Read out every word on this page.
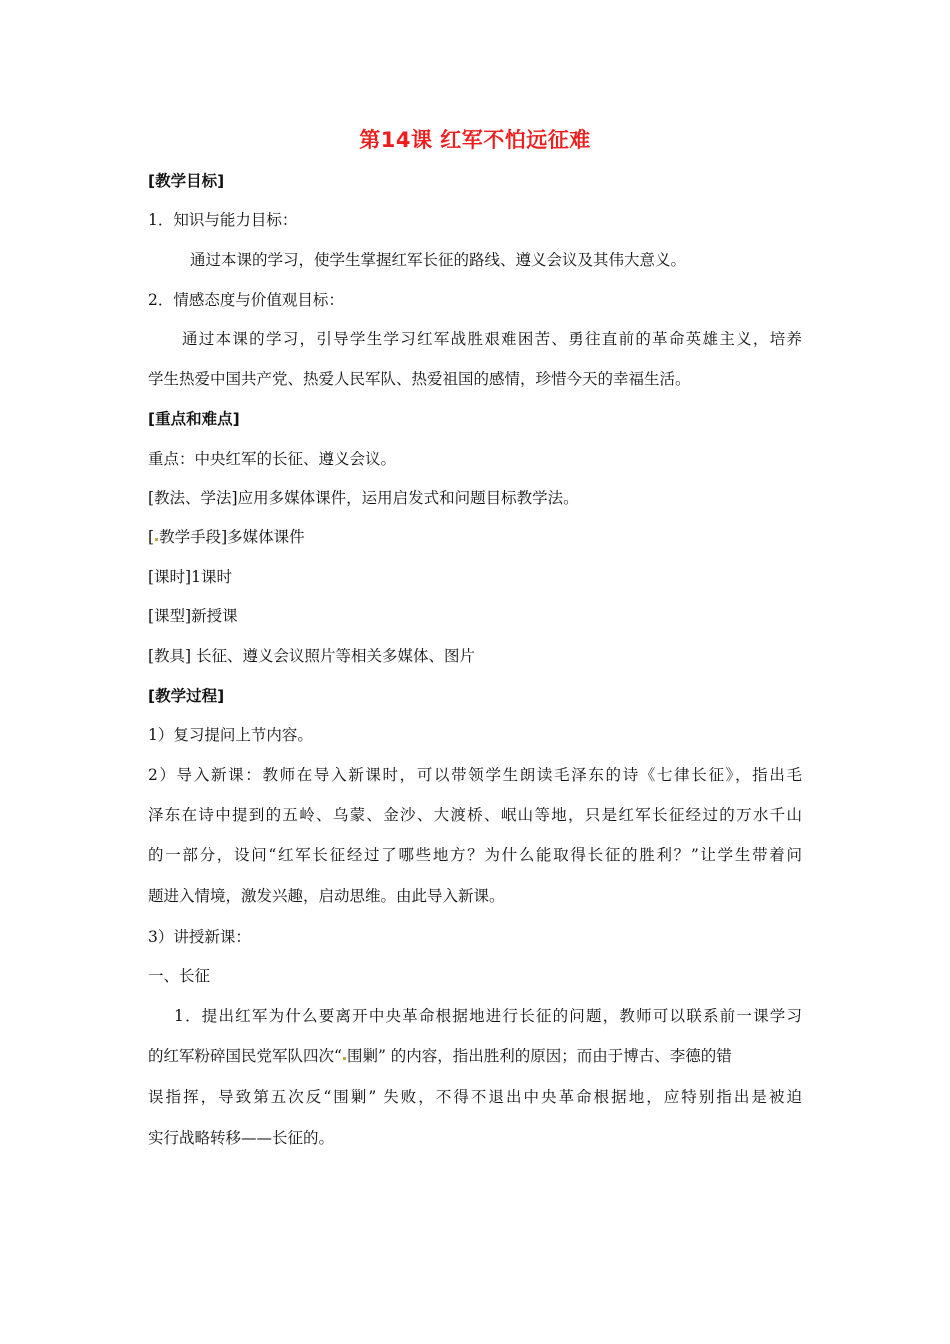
第14课 红军不怕远征难
[教学目标]
1．知识与能力目标：
通过本课的学习，使学生掌握红军长征的路线、遵义会议及其伟大意义。
2．情感态度与价值观目标：
通过本课的学习，引导学生学习红军战胜艰难困苦、勇往直前的革命英雄主义，培养
学生热爱中国共产党、热爱人民军队、热爱祖国的感情，珍惜今天的幸福生活。
[重点和难点]
重点：中央红军的长征、遵义会议。
[教法、学法]应用多媒体课件，运用启发式和问题目标教学法。
[ 教学手段]多媒体课件
[课时]1课时
[课型]新授课
[教具] 长征、遵义会议照片等相关多媒体、图片
[教学过程]
1）复习提问上节内容。
2）导入新课：教师在导入新课时，可以带领学生朗读毛泽东的诗《七律长征》，指出毛
泽东在诗中提到的五岭、乌蒙、金沙、大渡桥、岷山等地，只是红军长征经过的万水千山
的一部分，设问“红军长征经过了哪些地方？为什么能取得长征的胜利？”让学生带着问
题进入情境，激发兴趣，启动思维。由此导入新课。
3）讲授新课：
一、长征
1．提出红军为什么要离开中央革命根据地进行长征的问题，教师可以联系前一课学习
的红军粉碎国民党军队四次“ 围剿” 的内容，指出胜利的原因；而由于博古、李德的错
误指挥，导致第五次反“围剿” 失败，不得不退出中央革命根据地，应特别指出是被迫
实行战略转移——长征的。
